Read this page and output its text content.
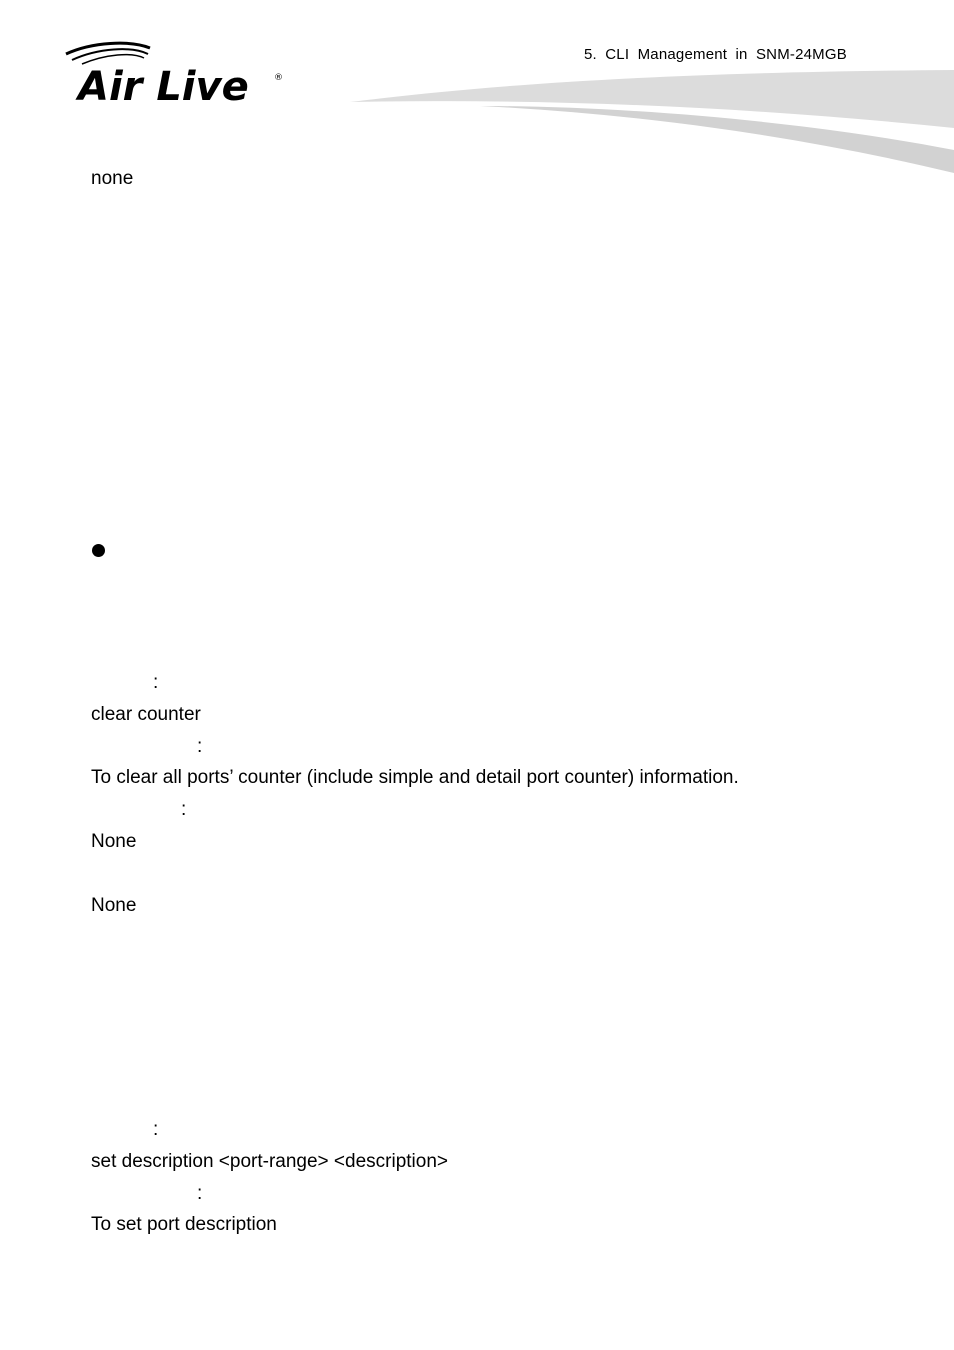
Air Live	®
5. CLI Management in SNM-24MGB
none
:
clear counter
:
To clear all ports’ counter (include simple and detail port counter) information.
:
None
None
:
set description <port-range> <description>
:
To set port description
